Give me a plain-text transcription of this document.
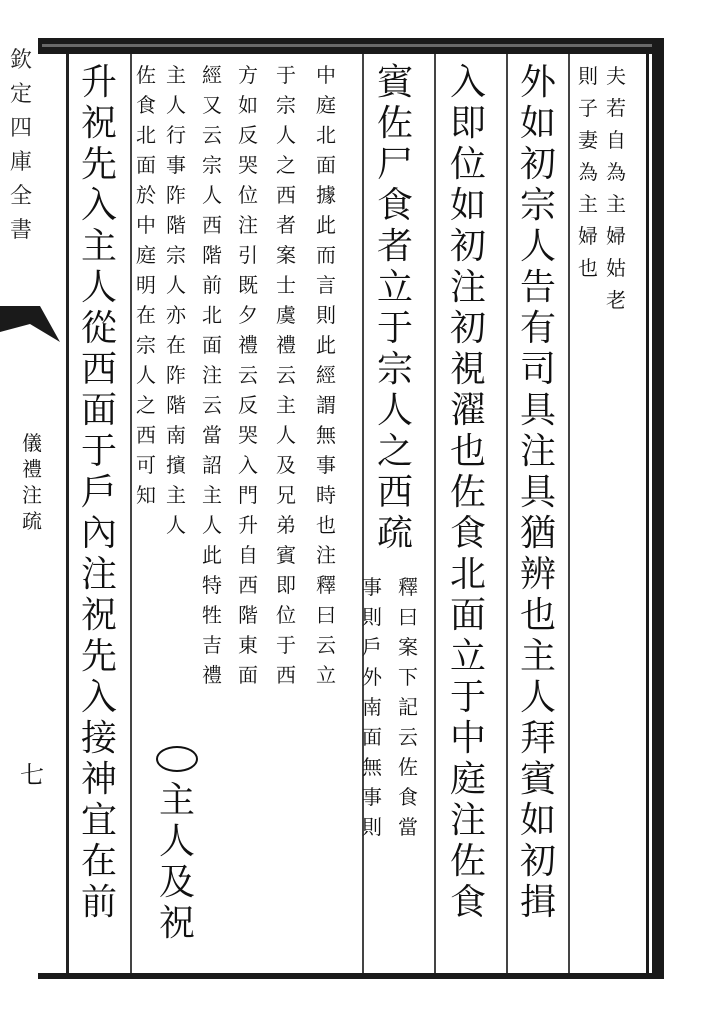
欽
定
四
庫
全
書
儀
禮
注
疏
七
夫
若
自
為
主
婦
姑
老
則
子
妻
為
主
婦
也
外
如
初
宗
人
告
有
司
具
注
具
猶
辨
也
主
人
拜
賓
如
初
揖
入
即
位
如
初
注
初
視
濯
也
佐
食
北
面
立
于
中
庭
注
佐
食
賓
佐
尸
食
者
立
于
宗
人
之
西
疏
中
庭
北
面
據
此
而
言
則
此
經
謂
無
事
時
也
注
釋
曰
云
立
于
宗
人
之
西
者
案
士
虞
禮
云
主
人
及
兄
弟
賓
即
位
于
西
方
如
反
哭
位
注
引
既
夕
禮
云
反
哭
入
門
升
自
西
階
東
面
經
又
云
宗
人
西
階
前
北
面
注
云
當
詔
主
人
此
特
牲
吉
禮
主
人
行
事
阼
階
宗
人
亦
在
阼
階
南
擯
主
人
佐
食
北
面
於
中
庭
明
在
宗
人
之
西
可
知
升
祝
先
入
主
人
從
西
面
于
戶
內
注
祝
先
入
接
神
宜
在
前
釋
曰
案
下
記
云
佐
食
當
事
則
戶
外
南
面
無
事
則
主
人
及
祝
